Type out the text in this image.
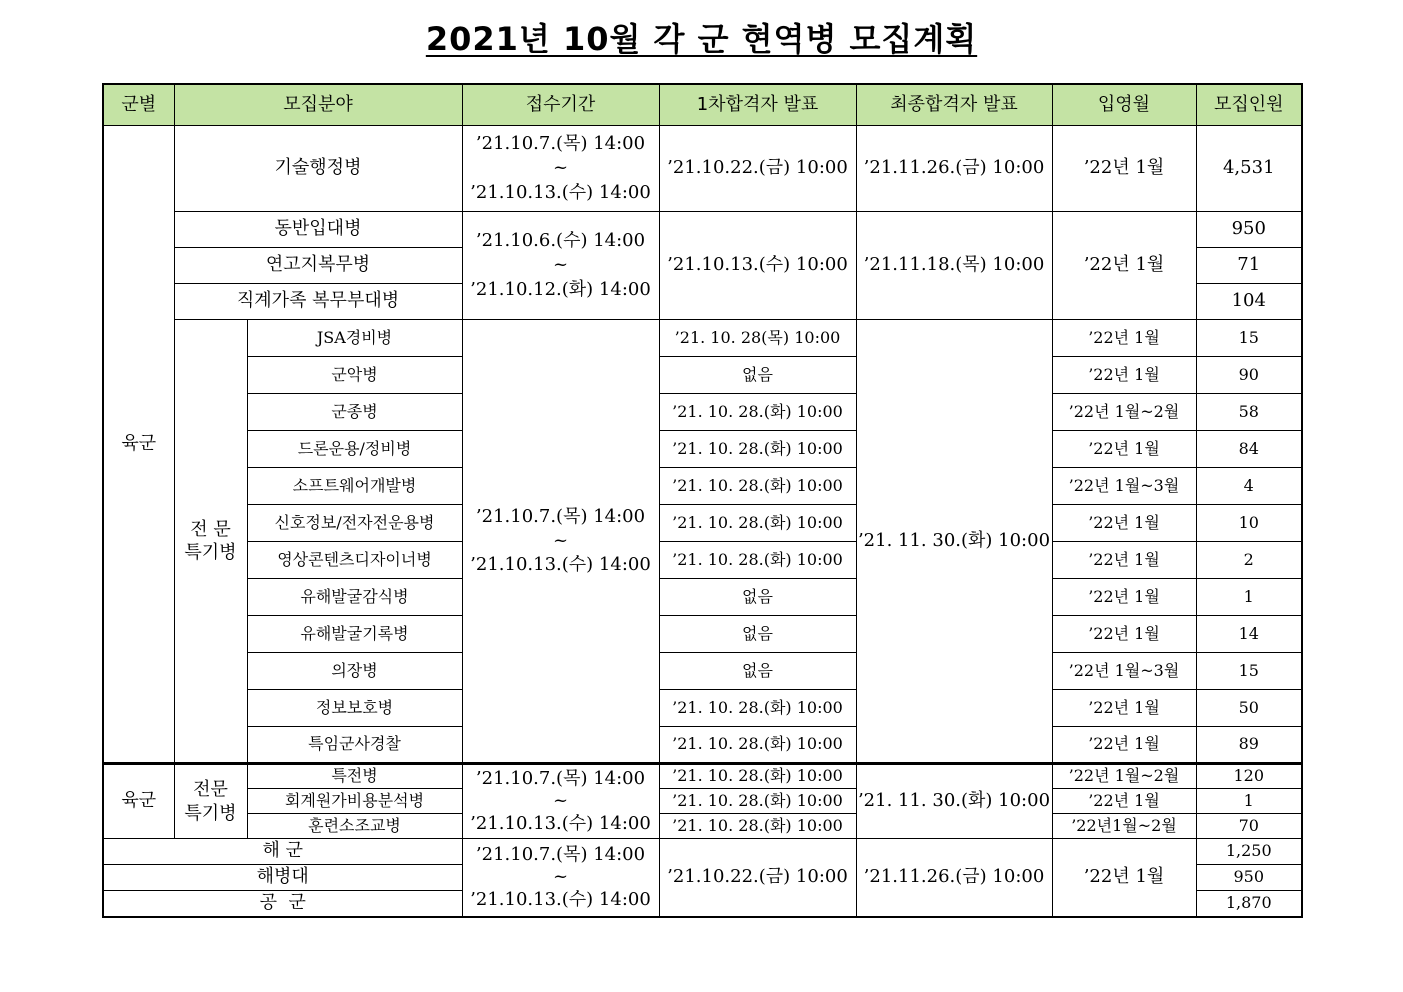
2021년 10월 각 군 현역병 모집계획
군별	모집분야		접수기간	1차합격자 발표	최종합격자 발표	입영월	모집인원
육군	기술행정병		’21.10.7.(목) 14:00
~
’21.10.13.(수) 14:00	’21.10.22.(금) 10:00	’21.11.26.(금) 10:00	’22년 1월	4,531
	동반입대병		’21.10.6.(수) 14:00
~
’21.10.12.(화) 14:00	’21.10.13.(수) 10:00	’21.11.18.(목) 10:00	’22년 1월	950
	연고지복무병						71
	직계가족 복무부대병						104
	전 문
특기병	JSA경비병	’21.10.7.(목) 14:00
~
’21.10.13.(수) 14:00	’21. 10. 28(목) 10:00	’21. 11. 30.(화) 10:00	’22년 1월	15
		군악병		없음		’22년 1월	90
		군종병		’21. 10. 28.(화) 10:00		’22년 1월~2월	58
		드론운용/정비병		’21. 10. 28.(화) 10:00		’22년 1월	84
		소프트웨어개발병		’21. 10. 28.(화) 10:00		’22년 1월~3월	4
		신호정보/전자전운용병		’21. 10. 28.(화) 10:00		’22년 1월	10
		영상콘텐츠디자이너병		’21. 10. 28.(화) 10:00		’22년 1월	2
		유해발굴감식병		없음		’22년 1월	1
		유해발굴기록병		없음		’22년 1월	14
		의장병		없음		’22년 1월~3월	15
		정보보호병		’21. 10. 28.(화) 10:00		’22년 1월	50
		특임군사경찰		’21. 10. 28.(화) 10:00		’22년 1월	89
육군	전문
특기병	특전병	’21.10.7.(목) 14:00
~
’21.10.13.(수) 14:00	’21. 10. 28.(화) 10:00	’21. 11. 30.(화) 10:00	’22년 1월~2월	120
		회계원가비용분석병		’21. 10. 28.(화) 10:00		’22년 1월	1
		훈련소조교병		’21. 10. 28.(화) 10:00		’22년1월~2월	70
해 군			’21.10.7.(목) 14:00
~
’21.10.13.(수) 14:00	’21.10.22.(금) 10:00	’21.11.26.(금) 10:00	’22년 1월	1,250
해병대							950
공  군							1,870
